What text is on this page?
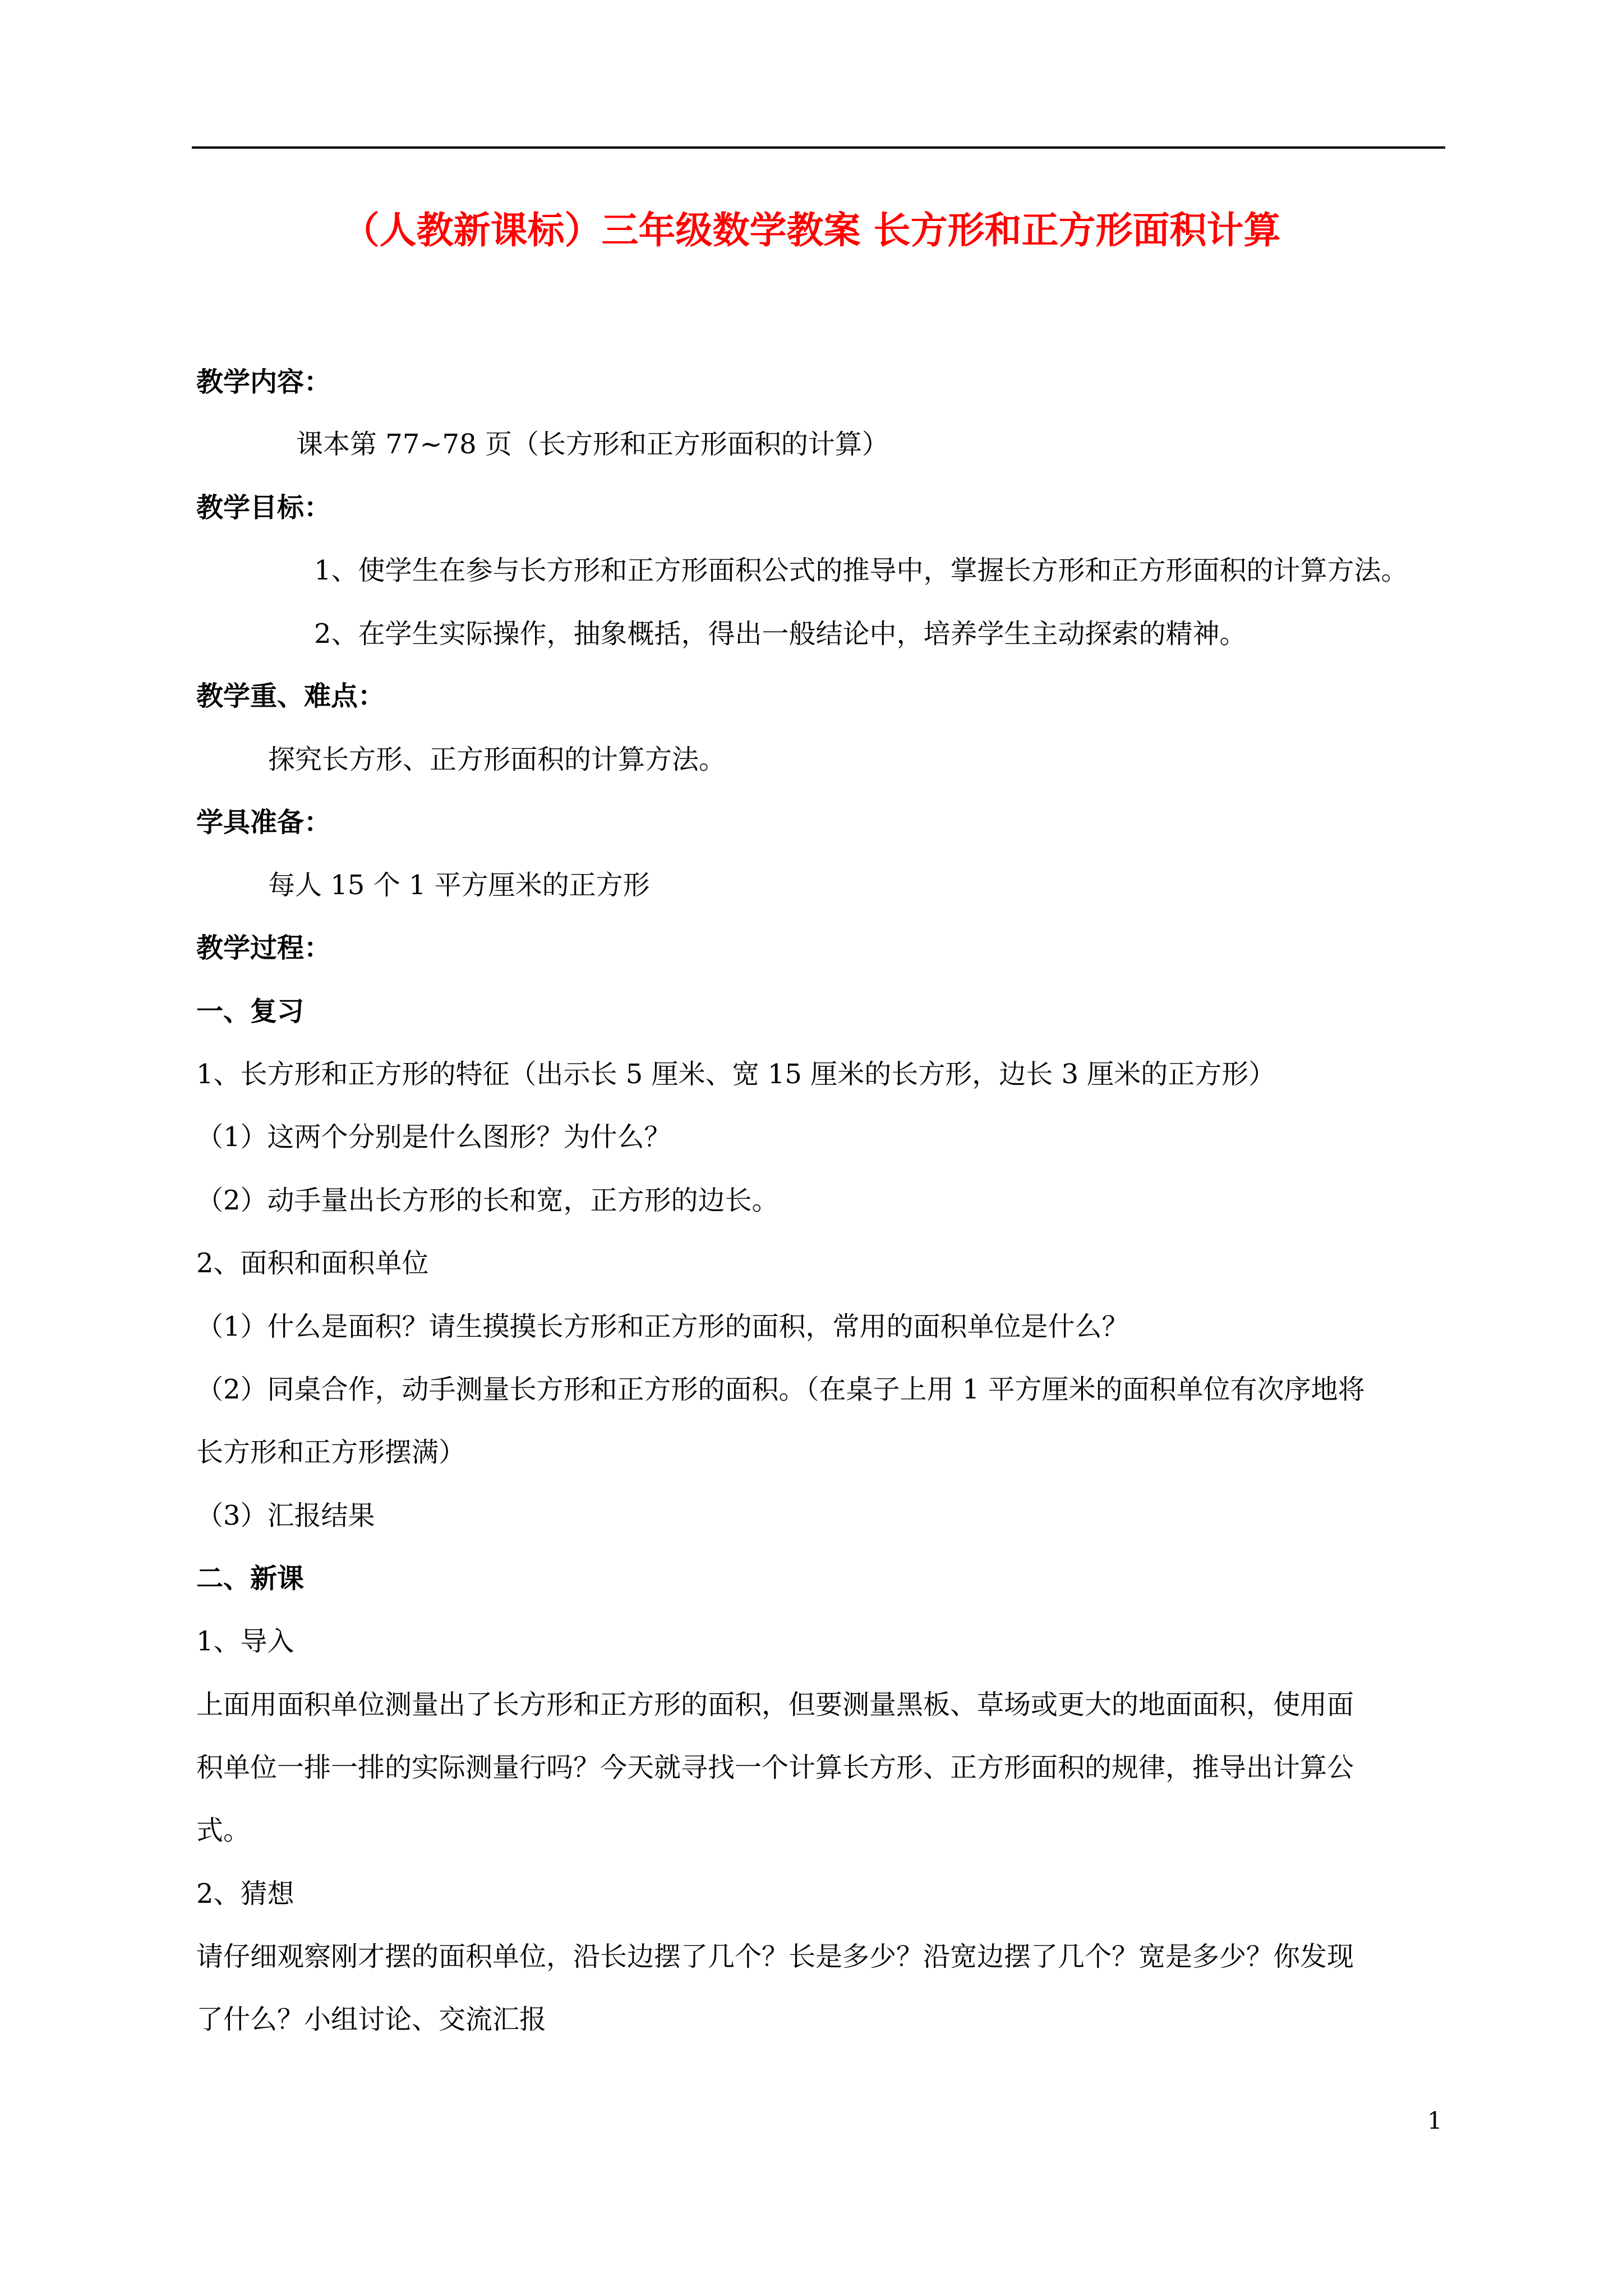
（人教新课标）三年级数学教案 长方形和正方形面积计算
教学内容：
课本第 77~78 页（长方形和正方形面积的计算）
教学目标：
1、使学生在参与长方形和正方形面积公式的推导中，掌握长方形和正方形面积的计算方法。
2、在学生实际操作，抽象概括，得出一般结论中，培养学生主动探索的精神。
教学重、难点：
探究长方形、正方形面积的计算方法。
学具准备：
每人 15 个 1 平方厘米的正方形
教学过程：
一、复习
1、长方形和正方形的特征（出示长 5 厘米、宽 15 厘米的长方形，边长 3 厘米的正方形）
（1）这两个分别是什么图形？为什么？
（2）动手量出长方形的长和宽，正方形的边长。
2、面积和面积单位
（1）什么是面积？请生摸摸长方形和正方形的面积，常用的面积单位是什么？
（2）同桌合作，动手测量长方形和正方形的面积。（在桌子上用 1 平方厘米的面积单位有次序地将
长方形和正方形摆满）
（3）汇报结果
二、新课
1、导入
上面用面积单位测量出了长方形和正方形的面积，但要测量黑板、草场或更大的地面面积，使用面
积单位一排一排的实际测量行吗？今天就寻找一个计算长方形、正方形面积的规律，推导出计算公
式。
2、猜想
请仔细观察刚才摆的面积单位，沿长边摆了几个？长是多少？沿宽边摆了几个？宽是多少？你发现
了什么？小组讨论、交流汇报
1
